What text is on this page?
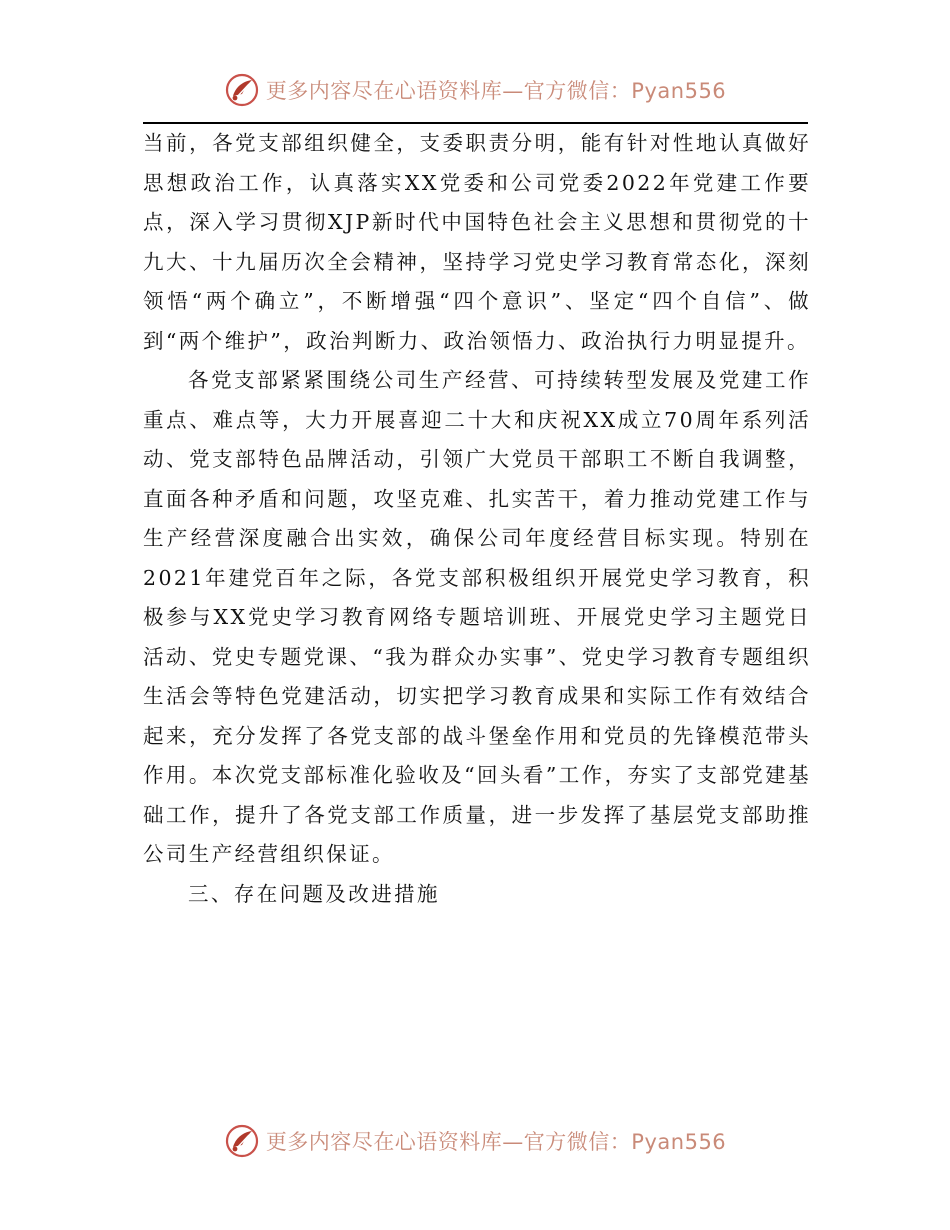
更多内容尽在心语资料库—官方微信：Pyan556

当前，各党支部组织健全，支委职责分明，能有针对性地认真做好思想政治工作，认真落实XX党委和公司党委2022年党建工作要点，深入学习贯彻XJP新时代中国特色社会主义思想和贯彻党的十九大、十九届历次全会精神，坚持学习党史学习教育常态化，深刻领悟“两个确立”，不断增强“四个意识”、坚定“四个自信”、做到“两个维护”，政治判断力、政治领悟力、政治执行力明显提升。

各党支部紧紧围绕公司生产经营、可持续转型发展及党建工作重点、难点等，大力开展喜迎二十大和庆祝XX成立70周年系列活动、党支部特色品牌活动，引领广大党员干部职工不断自我调整，直面各种矛盾和问题，攻坚克难、扎实苦干，着力推动党建工作与生产经营深度融合出实效，确保公司年度经营目标实现。特别在2021年建党百年之际，各党支部积极组织开展党史学习教育，积极参与XX党史学习教育网络专题培训班、开展党史学习主题党日活动、党史专题党课、“我为群众办实事”、党史学习教育专题组织生活会等特色党建活动，切实把学习教育成果和实际工作有效结合起来，充分发挥了各党支部的战斗堡垒作用和党员的先锋模范带头作用。本次党支部标准化验收及“回头看”工作，夯实了支部党建基础工作，提升了各党支部工作质量，进一步发挥了基层党支部助推公司生产经营组织保证。

三、存在问题及改进措施

更多内容尽在心语资料库—官方微信：Pyan556
